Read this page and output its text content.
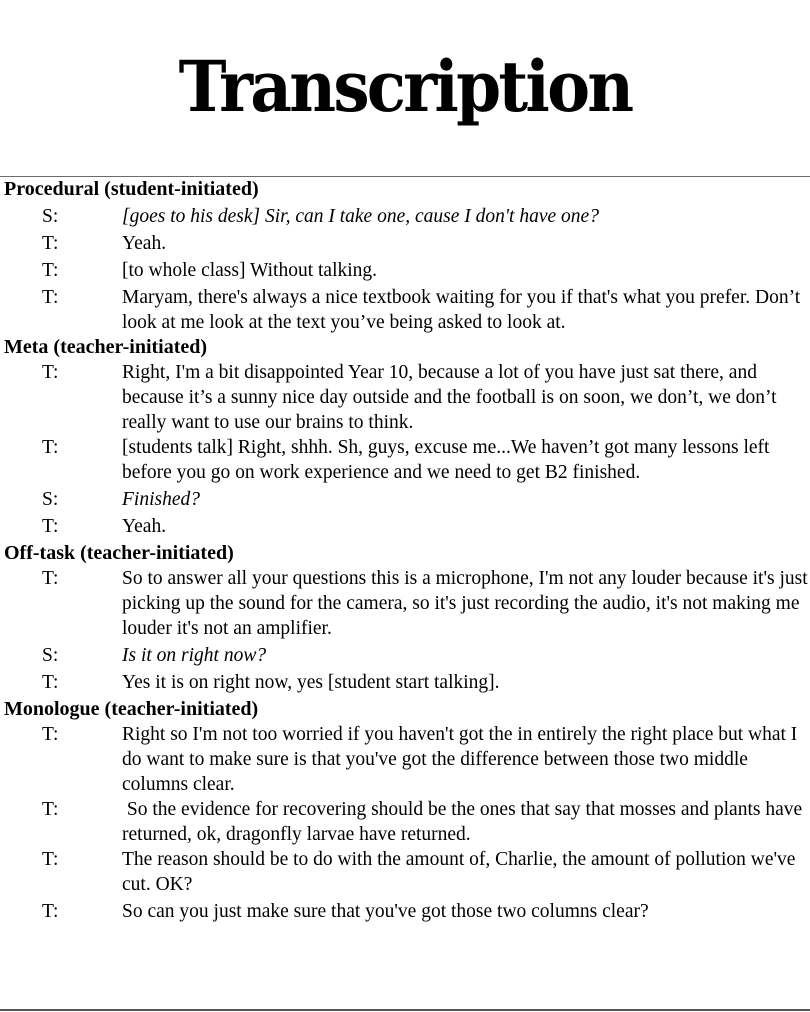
Transcription
Procedural (student-initiated)
S:	[goes to his desk] Sir, can I take one, cause I don't have one?
T:	Yeah.
T:	[to whole class] Without talking.
T:	Maryam, there's always a nice textbook waiting for you if that's what you prefer. Don’t look at me look at the text you’ve being asked to look at.
Meta (teacher-initiated)
T:	Right, I'm a bit disappointed Year 10, because a lot of you have just sat there, and because it’s a sunny nice day outside and the football is on soon, we don’t, we don’t really want to use our brains to think.
T:	[students talk] Right, shhh. Sh, guys, excuse me...We haven’t got many lessons left before you go on work experience and we need to get B2 finished.
S:	Finished?
T:	Yeah.
Off-task (teacher-initiated)
T:	So to answer all your questions this is a microphone, I'm not any louder because it's just picking up the sound for the camera, so it's just recording the audio, it's not making me louder it's not an amplifier.
S:	Is it on right now?
T:	Yes it is on right now, yes [student start talking].
Monologue (teacher-initiated)
T:	Right so I'm not too worried if you haven't got the in entirely the right place but what I do want to make sure is that you've got the difference between those two middle columns clear.
T:	So the evidence for recovering should be the ones that say that mosses and plants have returned, ok, dragonfly larvae have returned.
T:	The reason should be to do with the amount of, Charlie, the amount of pollution we've cut. OK?
T:	So can you just make sure that you've got those two columns clear?
